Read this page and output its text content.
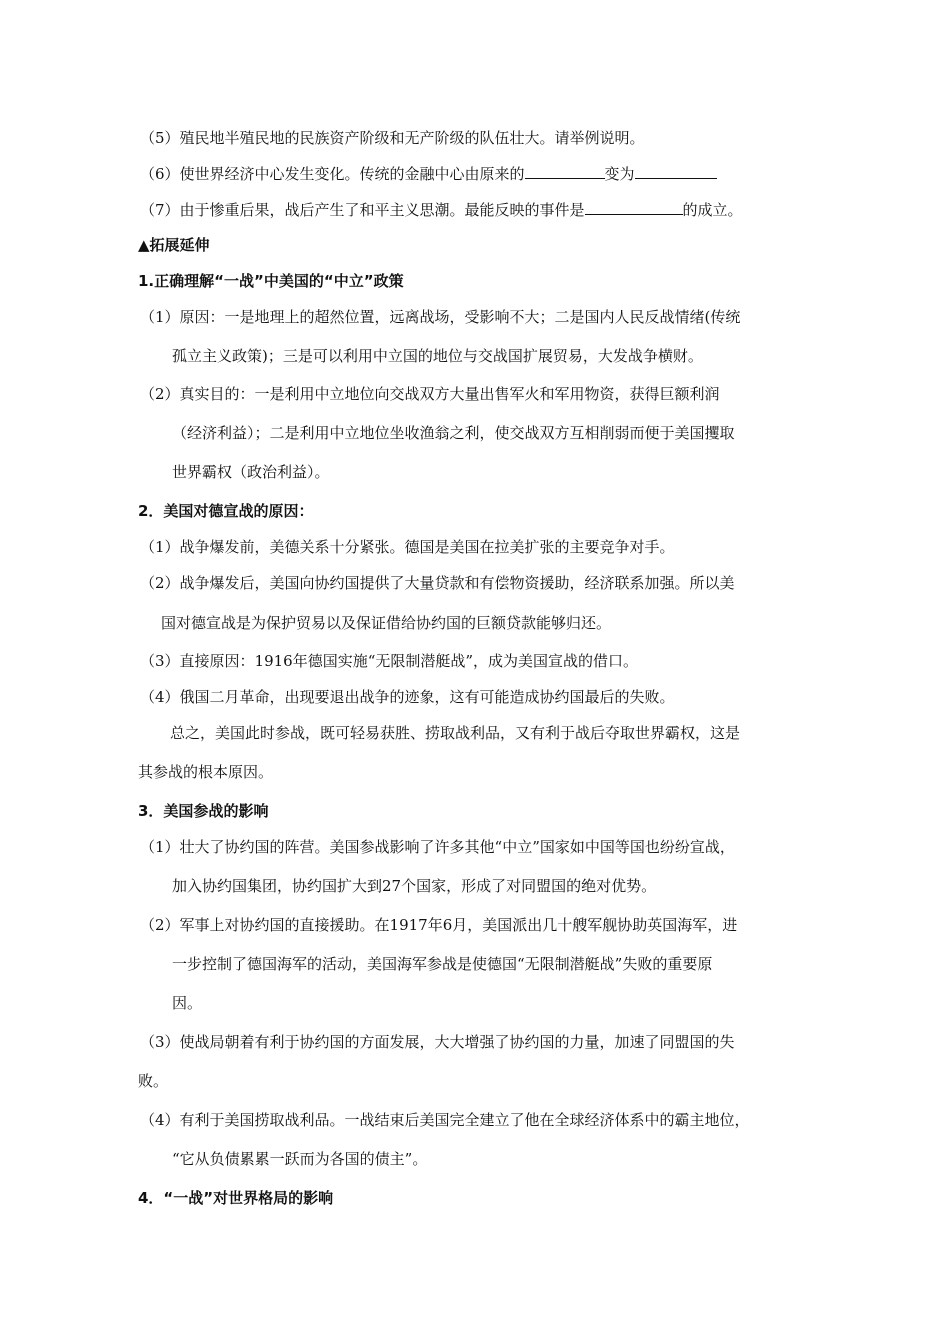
（5）殖民地半殖民地的民族资产阶级和无产阶级的队伍壮大。请举例说明。
（6）使世界经济中心发生变化。传统的金融中心由原来的	变为
（7）由于惨重后果，战后产生了和平主义思潮。最能反映的事件是	的成立。
▲拓展延伸
1.正确理解“一战”中美国的“中立”政策
（1）原因：一是地理上的超然位置，远离战场，受影响不大；二是国内人民反战情绪(传统
孤立主义政策)；三是可以利用中立国的地位与交战国扩展贸易，大发战争横财。
（2）真实目的：一是利用中立地位向交战双方大量出售军火和军用物资，获得巨额利润
（经济利益）；二是利用中立地位坐收渔翁之利，使交战双方互相削弱而便于美国攫取
世界霸权（政治利益）。
2．美国对德宣战的原因：
（1）战争爆发前，美德关系十分紧张。德国是美国在拉美扩张的主要竞争对手。
（2）战争爆发后，美国向协约国提供了大量贷款和有偿物资援助，经济联系加强。所以美
国对德宣战是为保护贸易以及保证借给协约国的巨额贷款能够归还。
（3）直接原因：1916年德国实施“无限制潜艇战”，成为美国宣战的借口。
（4）俄国二月革命，出现要退出战争的迹象，这有可能造成协约国最后的失败。
总之，美国此时参战，既可轻易获胜、捞取战利品，又有利于战后夺取世界霸权，这是
其参战的根本原因。
3．美国参战的影响
（1）壮大了协约国的阵营。美国参战影响了许多其他“中立”国家如中国等国也纷纷宣战，
加入协约国集团，协约国扩大到27个国家，形成了对同盟国的绝对优势。
（2）军事上对协约国的直接援助。在1917年6月，美国派出几十艘军舰协助英国海军，进
一步控制了德国海军的活动，美国海军参战是使德国“无限制潜艇战”失败的重要原
因。
（3）使战局朝着有利于协约国的方面发展，大大增强了协约国的力量，加速了同盟国的失
败。
（4）有利于美国捞取战利品。一战结束后美国完全建立了他在全球经济体系中的霸主地位，
“它从负债累累一跃而为各国的债主”。
4．“一战”对世界格局的影响
